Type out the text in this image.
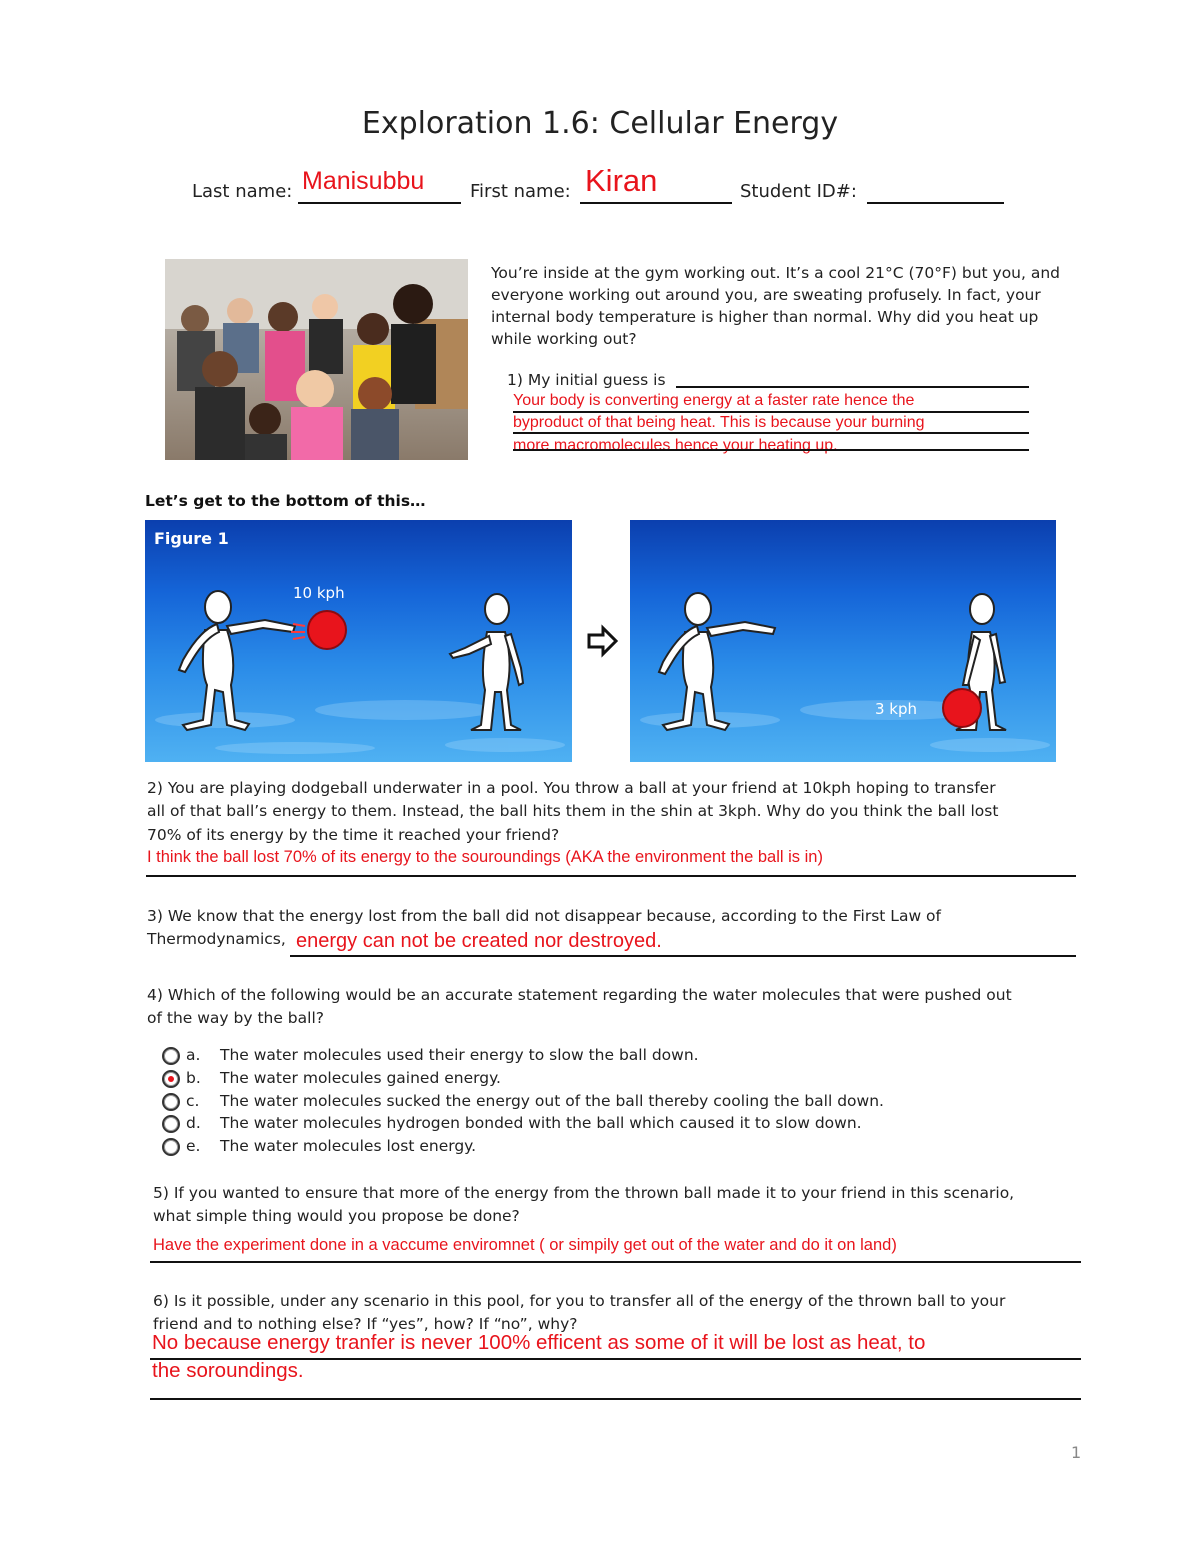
Exploration 1.6: Cellular Energy
Last name: Manisubbu	First name: Kiran	Student ID#:
You’re inside at the gym working out. It’s a cool 21°C (70°F) but you, and everyone working out around you, are sweating profusely. In fact, your internal body temperature is higher than normal. Why did you heat up while working out?
1) My initial guess is
Your body is converting energy at a faster rate hence the
byproduct of that being heat. This is because your burning
more macromolecules hence your heating up.
Let’s get to the bottom of this…
Figure 1
10 kph
3 kph
2) You are playing dodgeball underwater in a pool. You throw a ball at your friend at 10kph hoping to transfer
all of that ball’s energy to them. Instead, the ball hits them in the shin at 3kph. Why do you think the ball lost
70% of its energy by the time it reached your friend?
I think the ball lost 70% of its energy to the souroundings (AKA the environment the ball is in)
3) We know that the energy lost from the ball did not disappear because, according to the First Law of
Thermodynamics, energy can not be created nor destroyed.
4) Which of the following would be an accurate statement regarding the water molecules that were pushed out
of the way by the ball?
a. The water molecules used their energy to slow the ball down.
b. The water molecules gained energy.
c. The water molecules sucked the energy out of the ball thereby cooling the ball down.
d. The water molecules hydrogen bonded with the ball which caused it to slow down.
e. The water molecules lost energy.
5) If you wanted to ensure that more of the energy from the thrown ball made it to your friend in this scenario,
what simple thing would you propose be done?
Have the experiment done in a vaccume enviromnet ( or simpily get out of the water and do it on land)
6) Is it possible, under any scenario in this pool, for you to transfer all of the energy of the thrown ball to your
friend and to nothing else? If “yes”, how? If “no”, why?
No because energy tranfer is never 100% efficent as some of it will be lost as heat, to
the soroundings.
1
